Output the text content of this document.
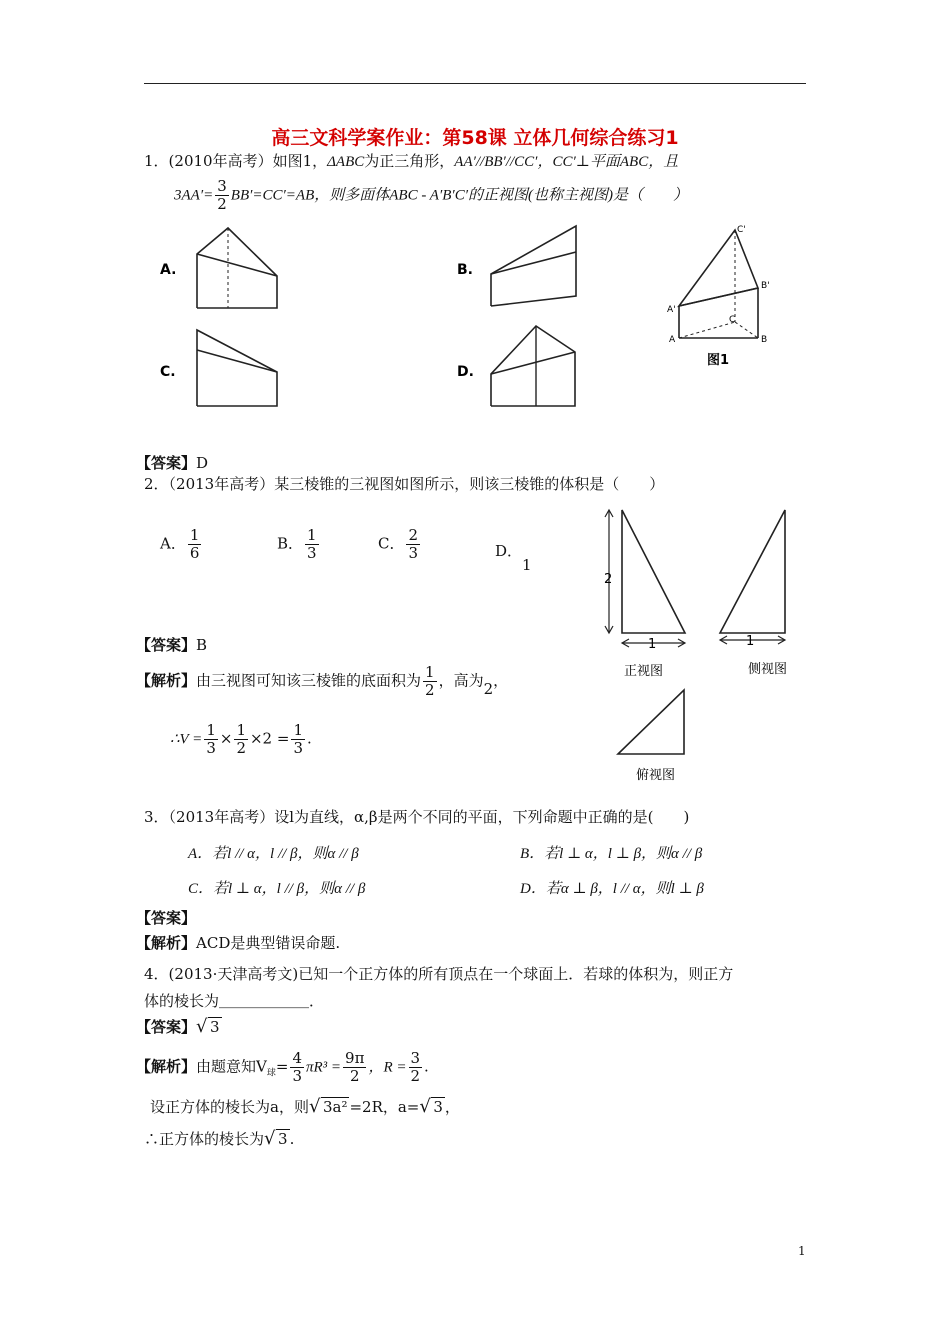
高三文科学案作业：第58课 立体几何综合练习1
1．(2010年高考）如图1，ΔABC为正三角形，AA′//BB′//CC′，CC′⊥平面ABC，且
$3AA'= \frac{3}{2} BB'=CC'=AB$，则多面体ABC - A′B′C′的正视图(也称主视图)是（　　）
A.	B.
C.	D.
C'
B'
A'
C
A	B
图1
【答案】D
2．（2013年高考）某三棱锥的三视图如图所示，则该三棱锥的体积是（　　）
A． $\frac{1}{6}$	B． $\frac{1}{3}$	C． $\frac{2}{3}$	D．1
【答案】B
【解析】由三视图可知该三棱锥的底面积为 $\frac{1}{2}$ ，高为2，
∴V = $\frac{1}{3} \times \frac{1}{2} \times 2 = \frac{1}{3}$ .
2
1
正视图
1
侧视图
俯视图
3．（2013年高考）设l为直线，α,β是两个不同的平面，下列命题中正确的是(　　)
A．若l // α，l // β，则α // β	B．若l ⊥ α，l ⊥ β，则α // β
C．若l ⊥ α，l // β，则α // β	D．若α ⊥ β，l // α，则l ⊥ β
【答案】
【解析】ACD是典型错误命题.
4．(2013·天津高考文)已知一个正方体的所有顶点在一个球面上．若球的体积为，则正方
体的棱长为＿＿＿＿＿＿．
【答案】 √ 3
【解析】由题意知$V_球= \frac{4}{3} \pi R^3 = \frac{9\pi}{2}$ ，$R = \frac{3}{2}$ .
设正方体的棱长为a，则 √ 3a² =2R，a= √ 3 ，
∴正方体的棱长为 √ 3 .
1
